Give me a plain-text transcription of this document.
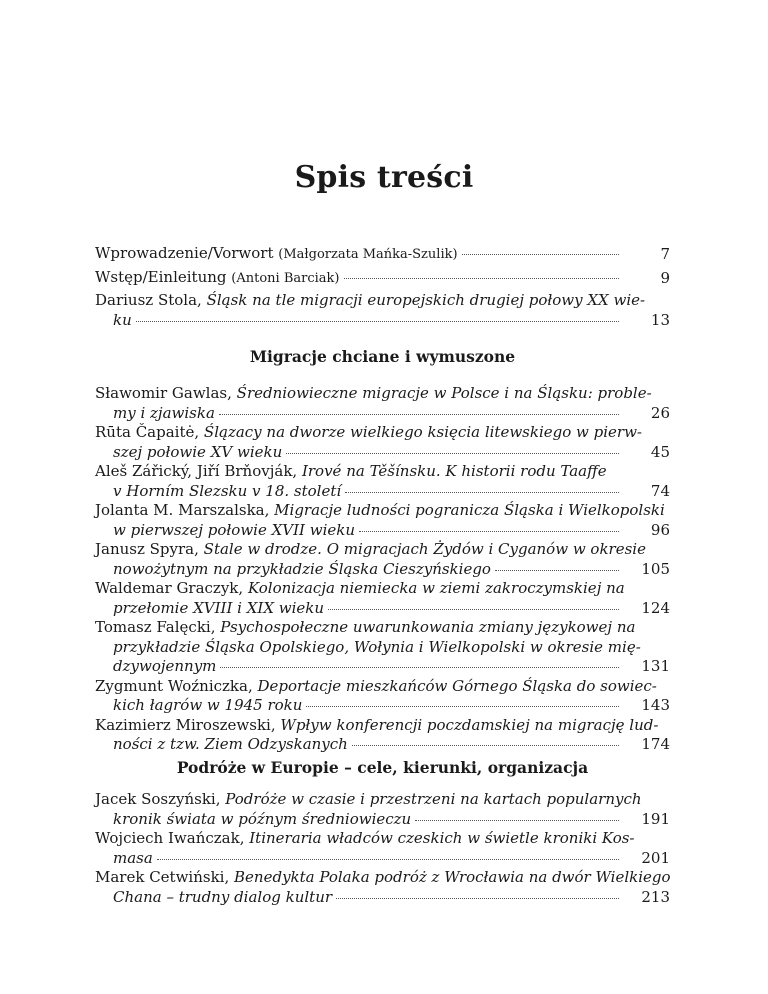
Spis treści
Wprowadzenie/Vorwort
(Małgorzata Mańka-Szulik)	7
Wstęp/Einleitung
(Antoni Barciak)	9
Dariusz Stola,
Śląsk na tle migracji europejskich drugiej połowy XX wie-
ku	13
Migracje chciane i wymuszone
Sławomir Gawlas,
Średniowieczne migracje w Polsce i na Śląsku: proble-
my i zjawiska	26
Rūta Čapaitė,
Ślązacy na dworze wielkiego księcia litewskiego w pierw-
szej połowie XV wieku	45
Aleš Zářický, Jiří Brňovják,
Irové na Těšínsku. K historii rodu Taaffe
v Horním Slezsku v 18. století	74
Jolanta M. Marszalska,
Migracje ludności pogranicza Śląska i Wielkopolski
w pierwszej połowie XVII wieku	96
Janusz Spyra,
Stale w drodze. O migracjach Żydów i Cyganów w okresie
nowożytnym na przykładzie Śląska Cieszyńskiego	105
Waldemar Graczyk,
Kolonizacja niemiecka w ziemi zakroczymskiej na
przełomie XVIII i XIX wieku	124
Tomasz Falęcki,
Psychospołeczne uwarunkowania zmiany językowej na
przykładzie Śląska Opolskiego, Wołynia i Wielkopolski w okresie mię-
dzywojennym	131
Zygmunt Woźniczka,
Deportacje mieszkańców Górnego Śląska do sowiec-
kich łagrów w 1945 roku	143
Kazimierz Miroszewski,
Wpływ konferencji poczdamskiej na migrację lud-
ności z tzw. Ziem Odzyskanych	174
Podróże w Europie – cele, kierunki, organizacja
Jacek Soszyński,
Podróże w czasie i przestrzeni na kartach popularnych
kronik świata w późnym średniowieczu	191
Wojciech Iwańczak,
Itineraria władców czeskich w świetle kroniki Kos-
masa	201
Marek Cetwiński,
Benedykta Polaka podróż z Wrocławia na dwór Wielkiego
Chana – trudny dialog kultur	213
